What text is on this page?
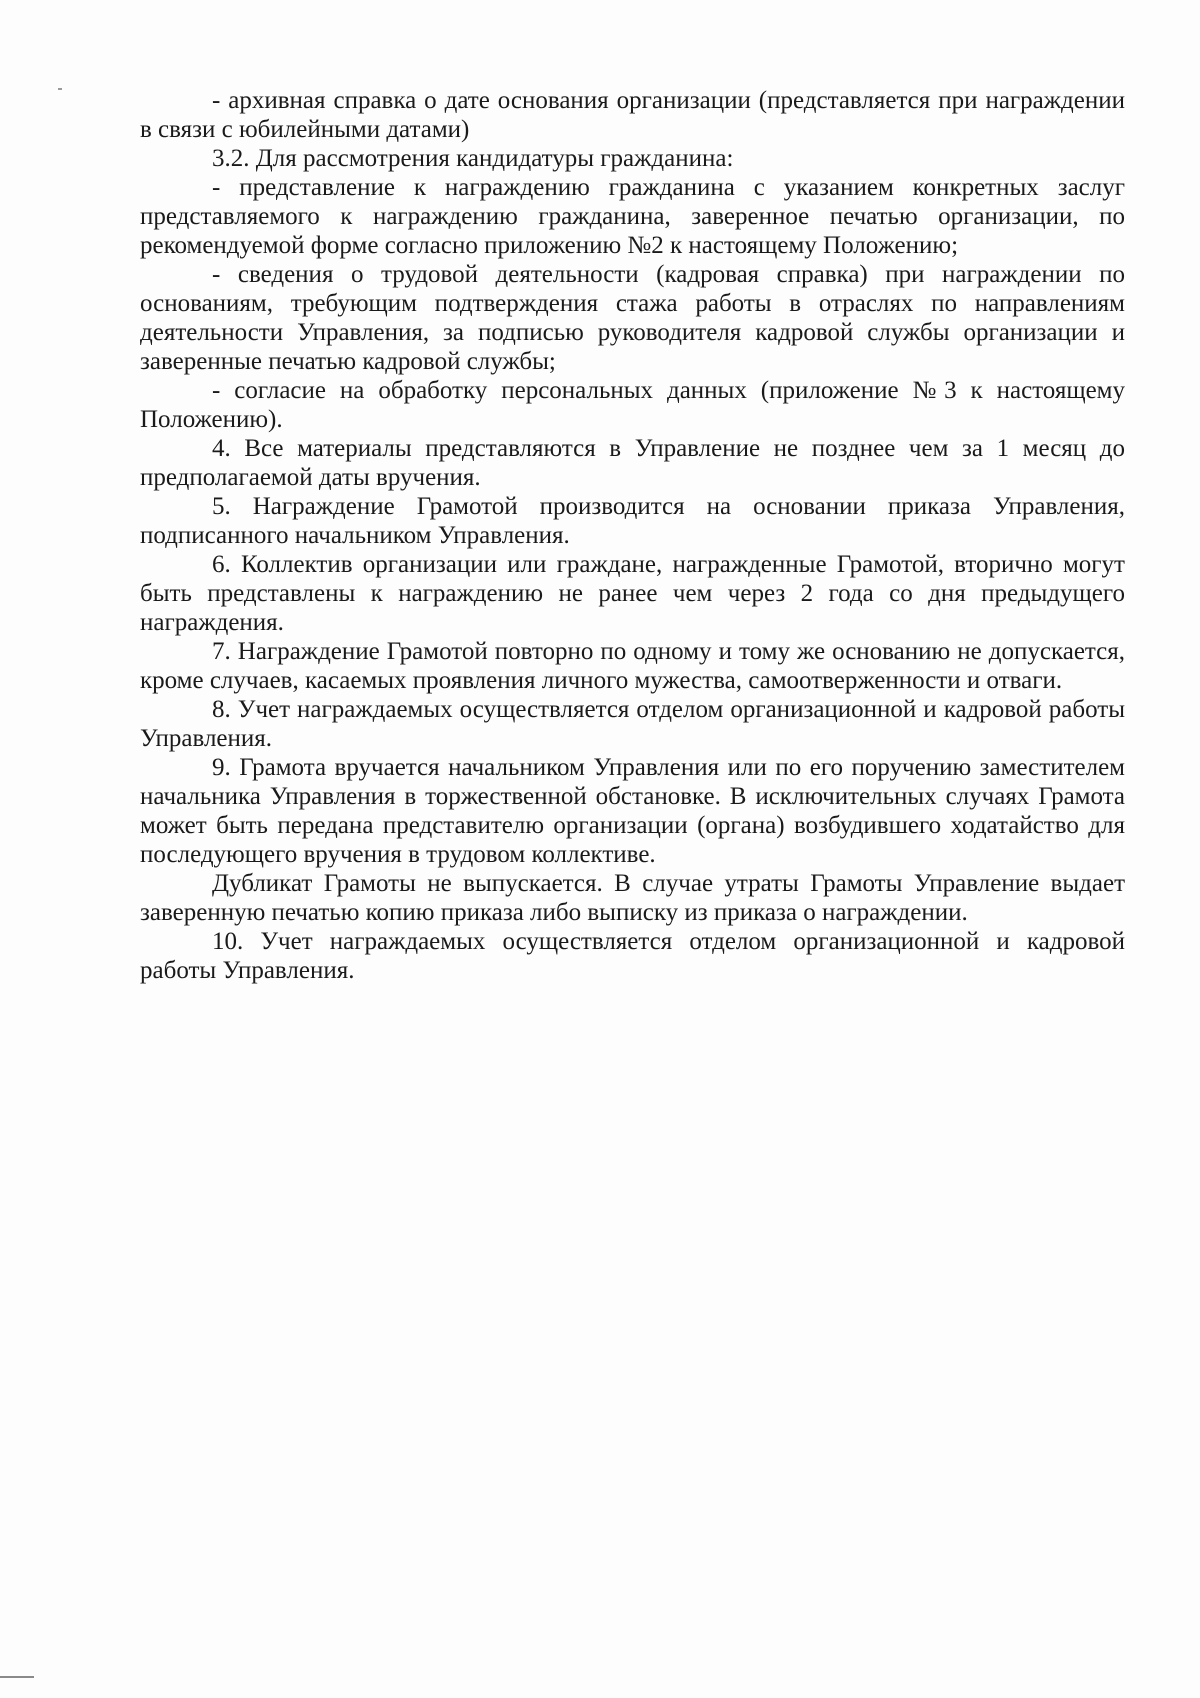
- архивная справка о дате основания организации (представляется при награждении в связи с юбилейными датами)

3.2. Для рассмотрения кандидатуры гражданина:

- представление к награждению гражданина с указанием конкретных заслуг представляемого к награждению гражданина, заверенное печатью организации, по рекомендуемой форме согласно приложению №2 к настоящему Положению;

- сведения о трудовой деятельности (кадровая справка) при награждении по основаниям, требующим подтверждения стажа работы в отраслях по направлениям деятельности Управления, за подписью руководителя кадровой службы организации и заверенные печатью кадровой службы;

- согласие на обработку персональных данных (приложение №3 к настоящему Положению).

4. Все материалы представляются в Управление не позднее чем за 1 месяц до предполагаемой даты вручения.

5. Награждение Грамотой производится на основании приказа Управления, подписанного начальником Управления.

6. Коллектив организации или граждане, награжденные Грамотой, вторично могут быть представлены к награждению не ранее чем через 2 года со дня предыдущего награждения.

7. Награждение Грамотой повторно по одному и тому же основанию не допускается, кроме случаев, касаемых проявления личного мужества, самоотверженности и отваги.

8. Учет награждаемых осуществляется отделом организационной и кадровой работы Управления.

9. Грамота вручается начальником Управления или по его поручению заместителем начальника Управления в торжественной обстановке. В исключительных случаях Грамота может быть передана представителю организации (органа) возбудившего ходатайство для последующего вручения в трудовом коллективе.

Дубликат Грамоты не выпускается. В случае утраты Грамоты Управление выдает заверенную печатью копию приказа либо выписку из приказа о награждении.

10. Учет награждаемых осуществляется отделом организационной и кадровой работы Управления.
